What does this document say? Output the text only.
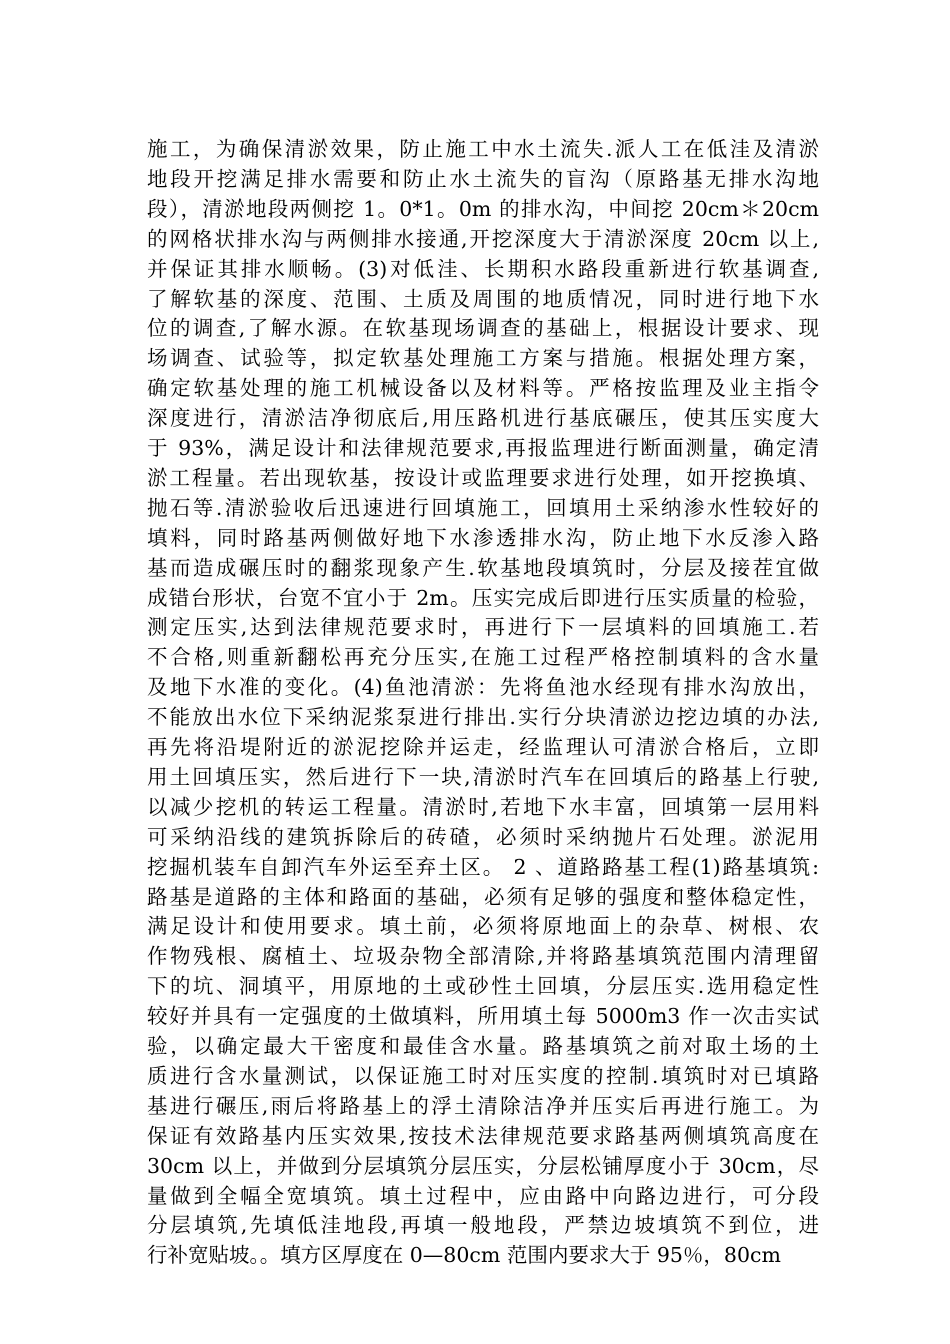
施工，为确保清淤效果，防止施工中水土流失.派人工在低洼及清淤
地段开挖满足排水需要和防止水土流失的盲沟（原路基无排水沟地
段），清淤地段两侧挖 1。0*1。0m 的排水沟，中间挖 20cm＊20cm
的网格状排水沟与两侧排水接通,开挖深度大于清淤深度 20cm 以上,
并保证其排水顺畅。(3)对低洼、长期积水路段重新进行软基调查,
了解软基的深度、范围、土质及周围的地质情况，同时进行地下水
位的调查,了解水源。在软基现场调查的基础上，根据设计要求、现
场调查、试验等，拟定软基处理施工方案与措施。根据处理方案，
确定软基处理的施工机械设备以及材料等。严格按监理及业主指令
深度进行，清淤洁净彻底后,用压路机进行基底碾压，使其压实度大
于 93%，满足设计和法律规范要求,再报监理进行断面测量，确定清
淤工程量。若出现软基，按设计或监理要求进行处理，如开挖换填、
抛石等.清淤验收后迅速进行回填施工，回填用土采纳渗水性较好的
填料，同时路基两侧做好地下水渗透排水沟，防止地下水反渗入路
基而造成碾压时的翻浆现象产生.软基地段填筑时，分层及接茬宜做
成错台形状，台宽不宜小于 2m。压实完成后即进行压实质量的检验，
测定压实,达到法律规范要求时，再进行下一层填料的回填施工.若
不合格,则重新翻松再充分压实,在施工过程严格控制填料的含水量
及地下水准的变化。(4)鱼池清淤：先将鱼池水经现有排水沟放出，
不能放出水位下采纳泥浆泵进行排出.实行分块清淤边挖边填的办法,
再先将沿堤附近的淤泥挖除并运走，经监理认可清淤合格后，立即
用土回填压实，然后进行下一块,清淤时汽车在回填后的路基上行驶,
以减少挖机的转运工程量。清淤时,若地下水丰富，回填第一层用料
可采纳沿线的建筑拆除后的砖碴，必须时采纳抛片石处理。淤泥用
挖掘机装车自卸汽车外运至弃土区。 2 、道路路基工程(1)路基填筑:
路基是道路的主体和路面的基础，必须有足够的强度和整体稳定性，
满足设计和使用要求。填土前，必须将原地面上的杂草、树根、农
作物残根、腐植土、垃圾杂物全部清除,并将路基填筑范围内清理留
下的坑、洞填平，用原地的土或砂性土回填，分层压实.选用稳定性
较好并具有一定强度的土做填料，所用填土每 5000m3 作一次击实试
验，以确定最大干密度和最佳含水量。路基填筑之前对取土场的土
质进行含水量测试，以保证施工时对压实度的控制.填筑时对已填路
基进行碾压,雨后将路基上的浮土清除洁净并压实后再进行施工。为
保证有效路基内压实效果,按技术法律规范要求路基两侧填筑高度在
30cm 以上，并做到分层填筑分层压实，分层松铺厚度小于 30cm，尽
量做到全幅全宽填筑。填土过程中，应由路中向路边进行，可分段
分层填筑,先填低洼地段,再填一般地段，严禁边坡填筑不到位，进
行补宽贴坡。。填方区厚度在 0—80cm 范围内要求大于 95％，80cm
